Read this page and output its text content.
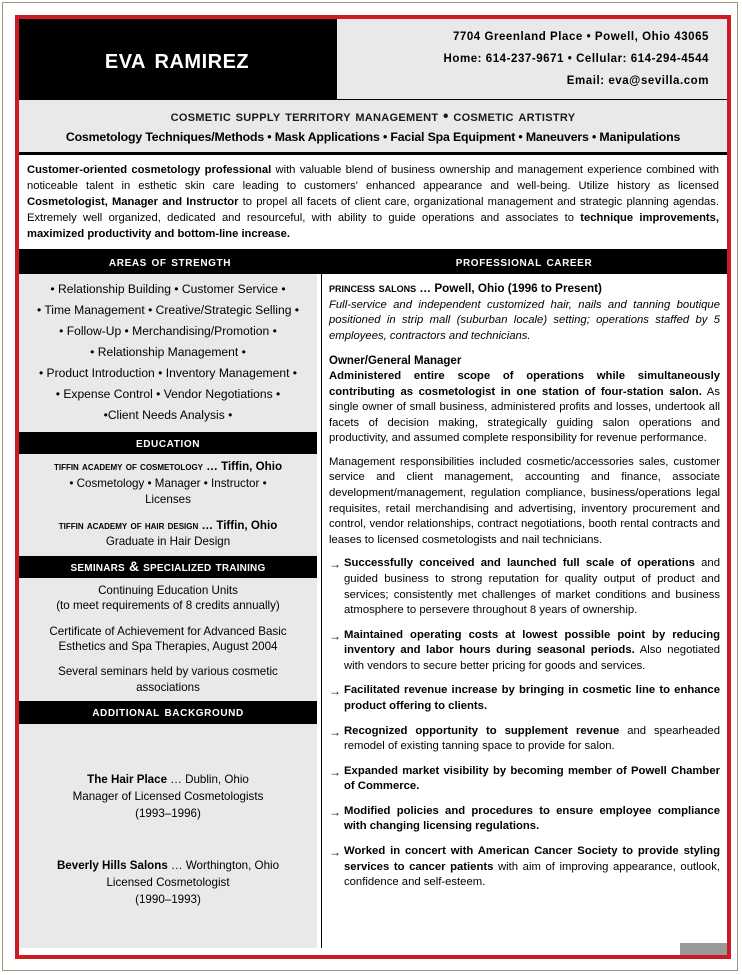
eva ramirez
7704 Greenland Place • Powell, Ohio 43065
Home: 614-237-9671 • Cellular: 614-294-4544
Email: eva@sevilla.com
cosmetic supply territory management • cosmetic artistry
Cosmetology Techniques/Methods • Mask Applications • Facial Spa Equipment • Maneuvers • Manipulations
Customer-oriented cosmetology professional with valuable blend of business ownership and management experience combined with noticeable talent in esthetic skin care leading to customers' enhanced appearance and well-being. Utilize history as licensed Cosmetologist, Manager and Instructor to propel all facets of client care, organizational management and strategic planning agendas. Extremely well organized, dedicated and resourceful, with ability to guide operations and associates to technique improvements, maximized productivity and bottom-line increase.
areas of strength	professional career
• Relationship Building • Customer Service •
• Time Management • Creative/Strategic Selling •
• Follow-Up • Merchandising/Promotion •
• Relationship Management •
• Product Introduction • Inventory Management •
• Expense Control • Vendor Negotiations •
•Client Needs Analysis •
education
tiffin academy of cosmetology … Tiffin, Ohio
• Cosmetology • Manager • Instructor •
Licenses
tiffin academy of hair design … Tiffin, Ohio
Graduate in Hair Design
seminars & specialized training
Continuing Education Units
(to meet requirements of 8 credits annually)
Certificate of Achievement for Advanced Basic
Esthetics and Spa Therapies, August 2004
Several seminars held by various cosmetic
associations
additional background
The Hair Place … Dublin, Ohio
Manager of Licensed Cosmetologists
(1993–1996)
Beverly Hills Salons … Worthington, Ohio
Licensed Cosmetologist
(1990–1993)
princess salons … Powell, Ohio (1996 to Present)
Full-service and independent customized hair, nails and tanning boutique positioned in strip mall (suburban locale) setting; operations staffed by 5 employees, contractors and technicians.
Owner/General Manager
Administered entire scope of operations while simultaneously contributing as cosmetologist in one station of four-station salon. As single owner of small business, administered profits and losses, undertook all facets of decision making, strategically guiding salon operations and productivity, and assumed complete responsibility for revenue performance.
Management responsibilities included cosmetic/accessories sales, customer service and client management, accounting and finance, associate development/management, regulation compliance, business/operations legal requisites, retail merchandising and advertising, inventory procurement and control, vendor relationships, contract negotiations, booth rental contracts and leases to licensed cosmetologists and nail technicians.
→ Successfully conceived and launched full scale of operations and guided business to strong reputation for quality output of product and services; consistently met challenges of market conditions and business atmosphere to persevere throughout 8 years of ownership.
→ Maintained operating costs at lowest possible point by reducing inventory and labor hours during seasonal periods. Also negotiated with vendors to secure better pricing for goods and services.
→ Facilitated revenue increase by bringing in cosmetic line to enhance product offering to clients.
→ Recognized opportunity to supplement revenue and spearheaded remodel of existing tanning space to provide for salon.
→ Expanded market visibility by becoming member of Powell Chamber of Commerce.
→ Modified policies and procedures to ensure employee compliance with changing licensing regulations.
→ Worked in concert with American Cancer Society to provide styling services to cancer patients with aim of improving appearance, outlook, confidence and self-esteem.
